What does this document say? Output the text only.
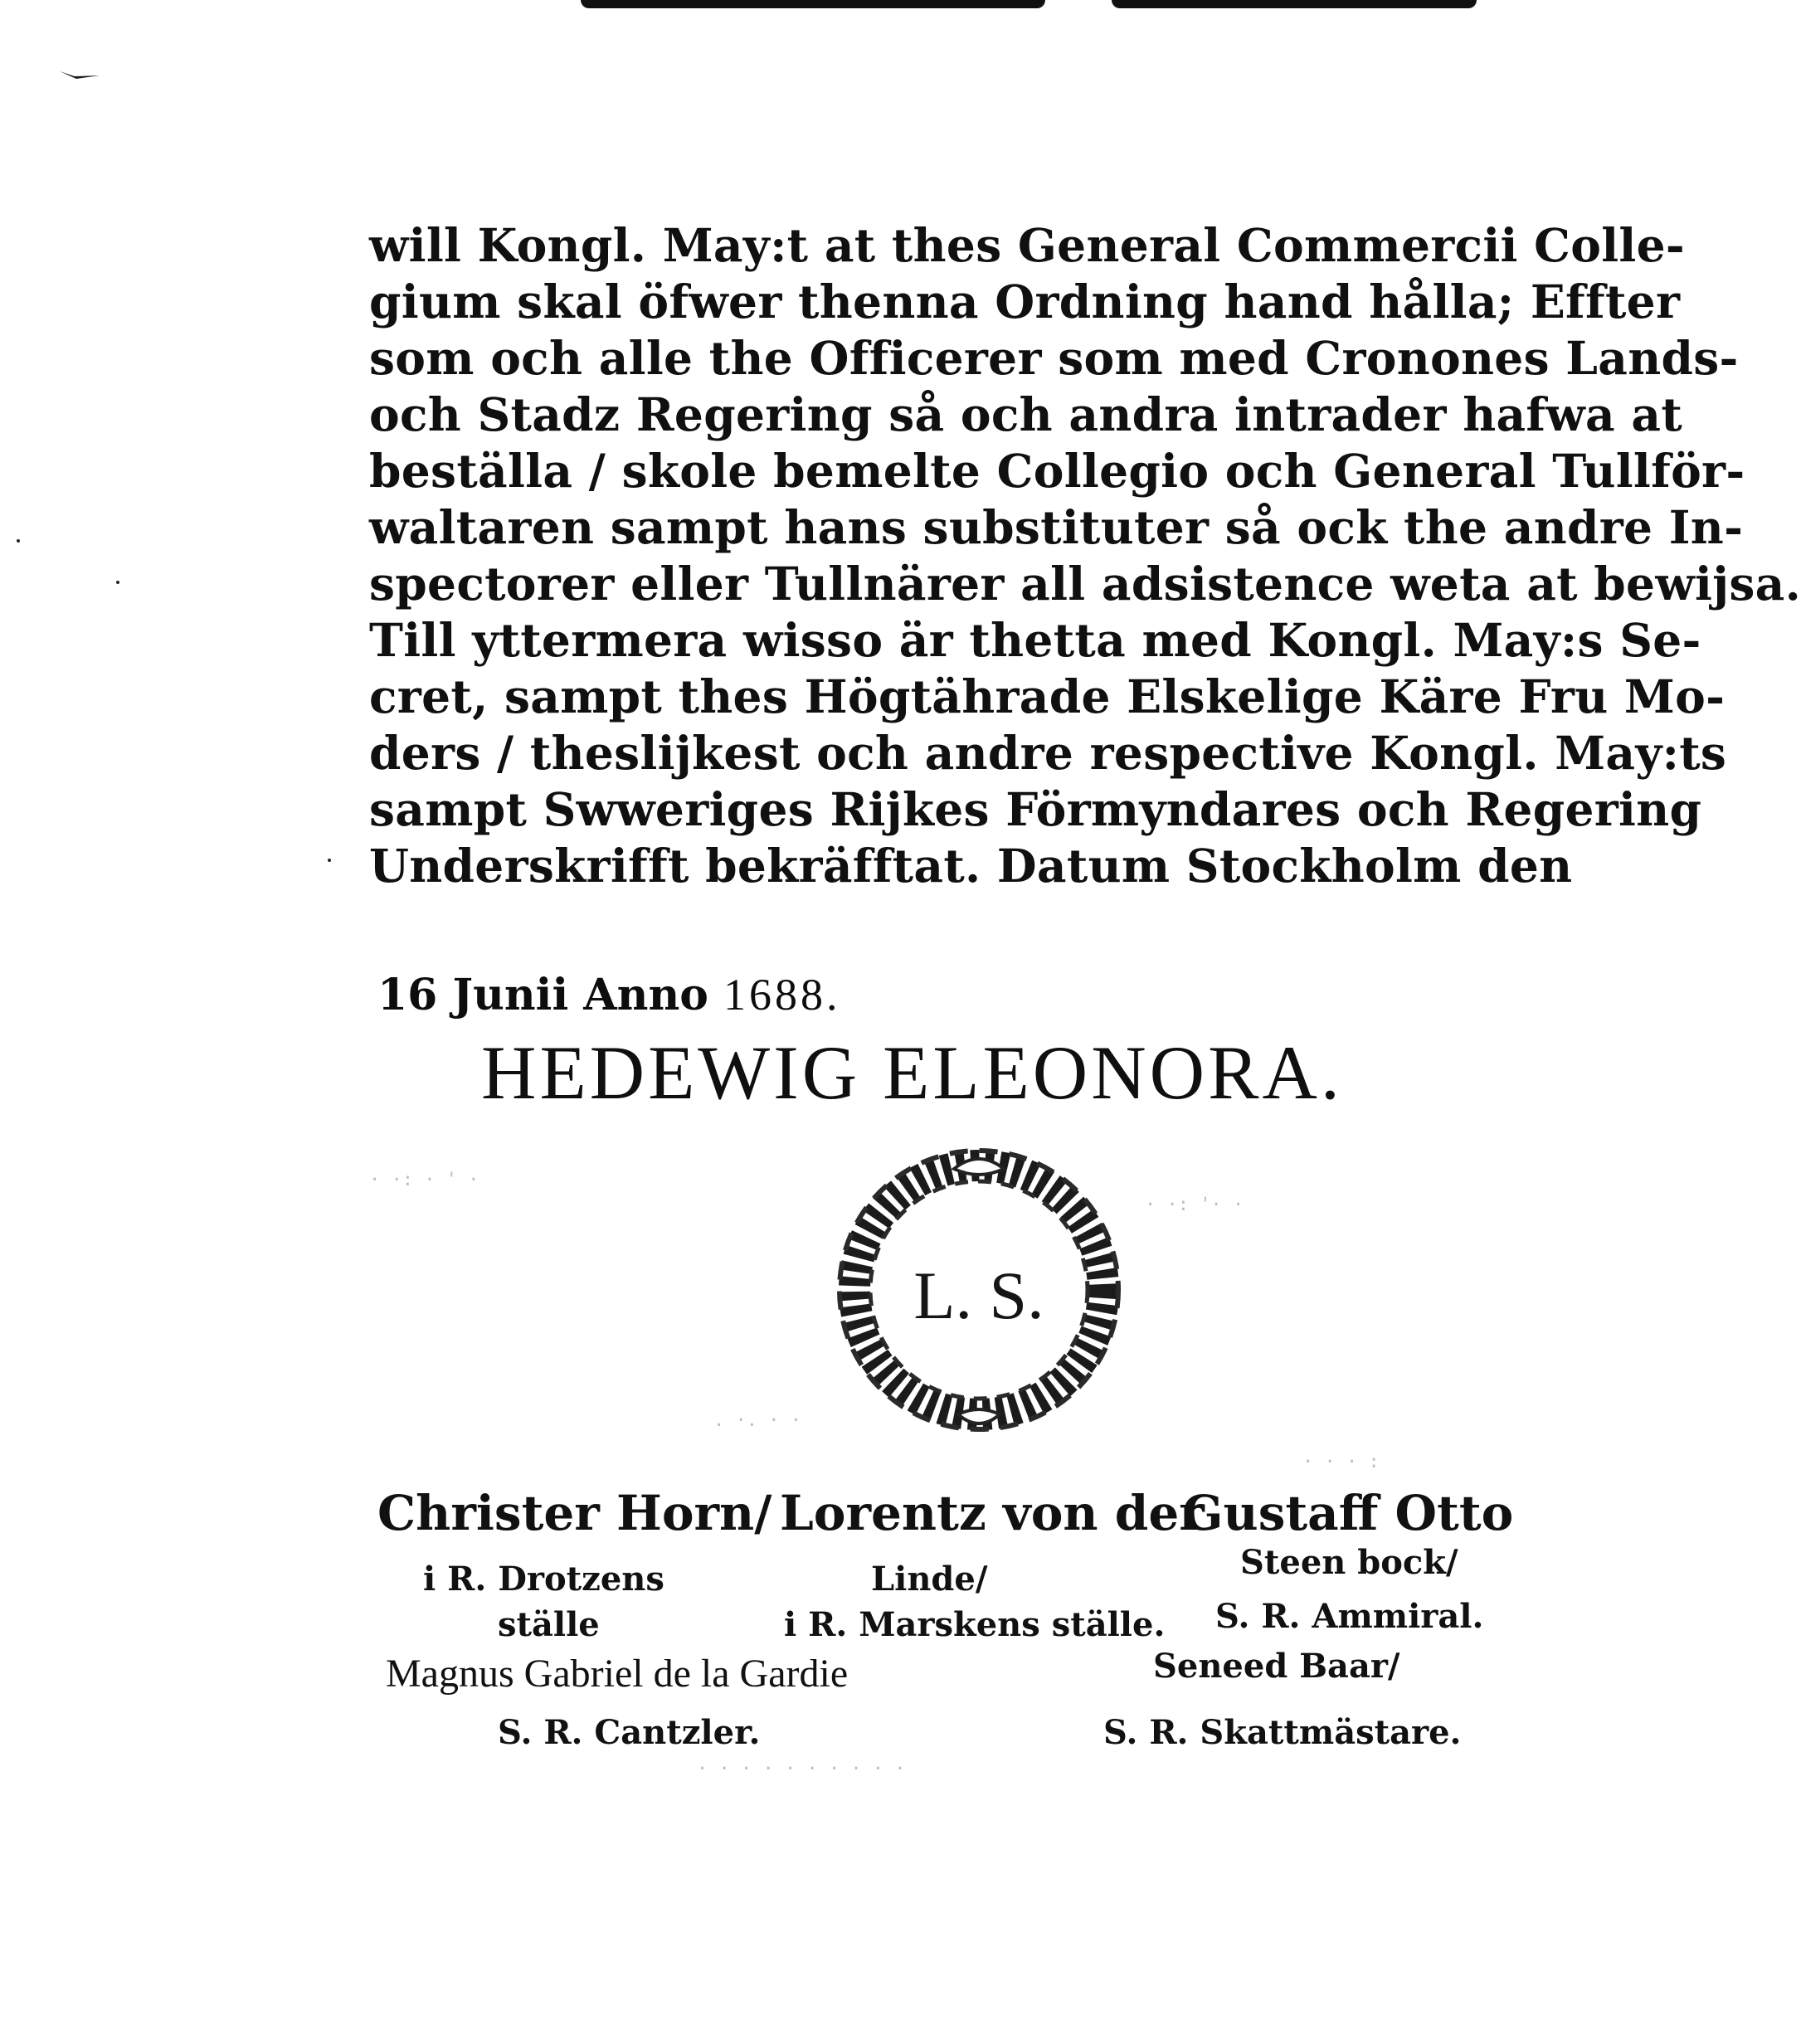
will Kongl. May:t at thes General Commercii Colle-
gium skal öfwer thenna Ordning hand hålla; Effter
som och alle the Officerer som med Cronones Lands-
och Stadz Regering så och andra intrader hafwa at
beställa / skole bemelte Collegio och General Tullför-
waltaren sampt hans substituter så ock the andre In-
spectorer eller Tullnärer all adsistence weta at bewijsa.
Till yttermera wisso är thetta med Kongl. May:s Se-
cret, sampt thes Högtährade Elskelige Käre Fru Mo-
ders / theslijkest och andre respective Kongl. May:ts
sampt Swweriges Rijkes Förmyndares och Regering
Underskrifft bekräfftat. Datum Stockholm den
16 Junii Anno 1688.
HEDEWIG ELEONORA.
L. S.
· ·: · ' ·
· ·: '· ·
. ·. · ·
· · · :
· · · · · · · · · ·
Christer Horn/
i R. Drotzens
ställe
Lorentz von der
Linde/
i R. Marskens ställe.
Gustaff Otto
Steen bock/
S. R. Ammiral.
Magnus Gabriel de la Gardie
S. R. Cantzler.
Seneed Baar/
S. R. Skattmästare.
